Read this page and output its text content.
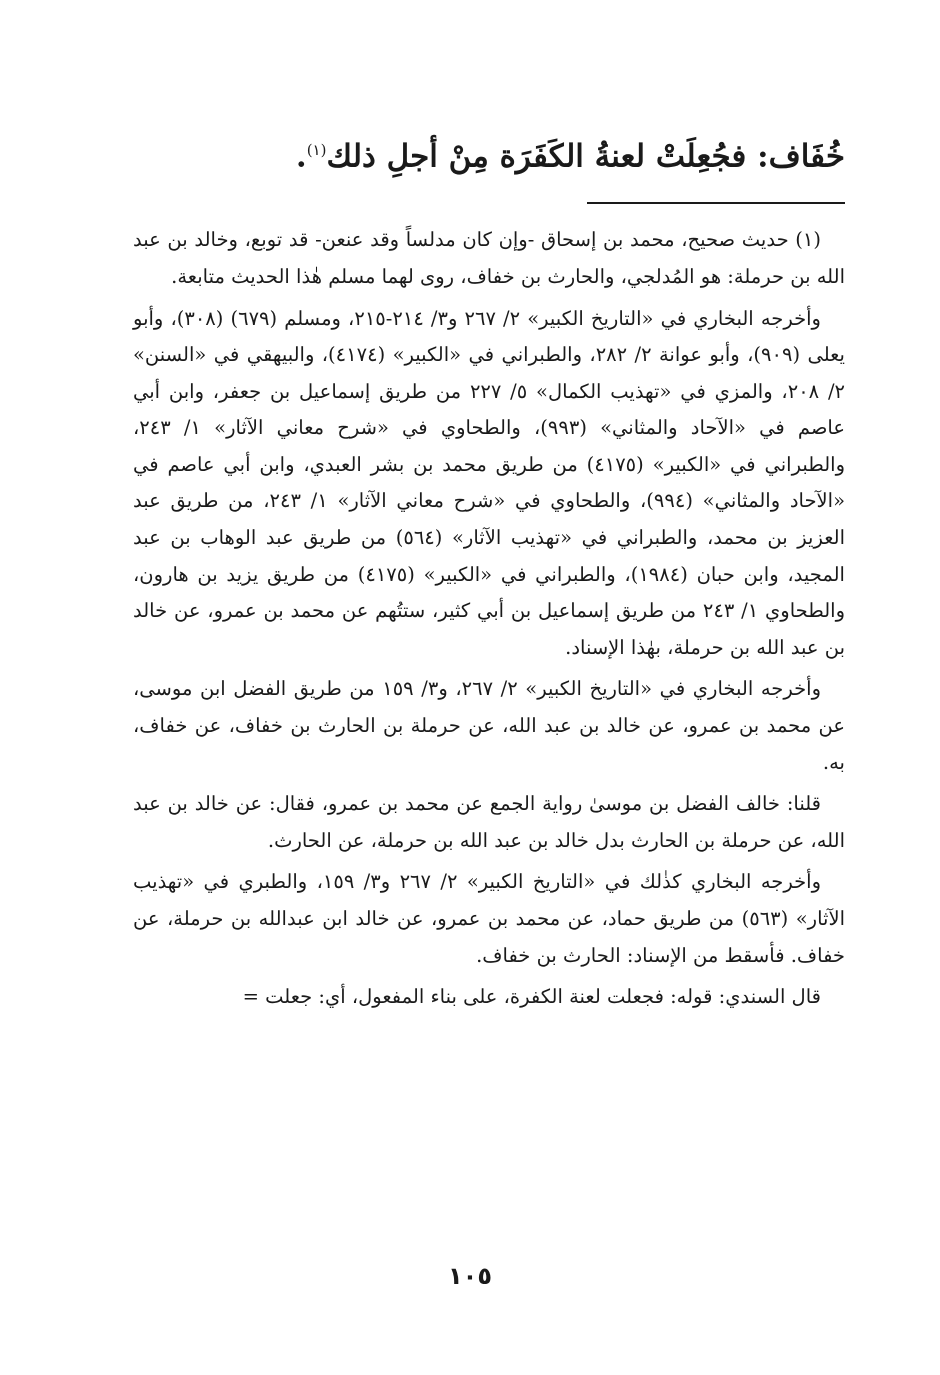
خُفَاف: فجُعِلَتْ لعنةُ الكَفَرَة مِنْ أجلِ ذلك$^{(١)}$.

(١) حديث صحيح، محمد بن إسحاق -وإن كان مدلساً وقد عنعن- قد توبع، وخالد بن عبد الله بن حرملة: هو المُدلجي، والحارث بن خفاف، روى لهما مسلم هٰذا الحديث متابعة.

وأخرجه البخاري في «التاريخ الكبير» ٢/ ٢٦٧ و٣/ ٢١٤-٢١٥، ومسلم (٦٧٩) (٣٠٨)، وأبو يعلى (٩٠٩)، وأبو عوانة ٢/ ٢٨٢، والطبراني في «الكبير» (٤١٧٤)، والبيهقي في «السنن» ٢/ ٢٠٨، والمزي في «تهذيب الكمال» ٥/ ٢٢٧ من طريق إسماعيل بن جعفر، وابن أبي عاصم في «الآحاد والمثاني» (٩٩٣)، والطحاوي في «شرح معاني الآثار» ١/ ٢٤٣، والطبراني في «الكبير» (٤١٧٥) من طريق محمد بن بشر العبدي، وابن أبي عاصم في «الآحاد والمثاني» (٩٩٤)، والطحاوي في «شرح معاني الآثار» ١/ ٢٤٣، من طريق عبد العزيز بن محمد، والطبراني في «تهذيب الآثار» (٥٦٤) من طريق عبد الوهاب بن عبد المجيد، وابن حبان (١٩٨٤)، والطبراني في «الكبير» (٤١٧٥) من طريق يزيد بن هارون، والطحاوي ١/ ٢٤٣ من طريق إسماعيل بن أبي كثير، ستتُهم عن محمد بن عمرو، عن خالد بن عبد الله بن حرملة، بهٰذا الإسناد.

وأخرجه البخاري في «التاريخ الكبير» ٢/ ٢٦٧، و٣/ ١٥٩ من طريق الفضل ابن موسى، عن محمد بن عمرو، عن خالد بن عبد الله، عن حرملة بن الحارث بن خفاف، عن خفاف، به.

قلنا: خالف الفضل بن موسىٰ رواية الجمع عن محمد بن عمرو، فقال: عن خالد بن عبد الله، عن حرملة بن الحارث بدل خالد بن عبد الله بن حرملة، عن الحارث.

وأخرجه البخاري كذٰلك في «التاريخ الكبير» ٢/ ٢٦٧ و٣/ ١٥٩، والطبري في «تهذيب الآثار» (٥٦٣) من طريق حماد، عن محمد بن عمرو، عن خالد ابن عبدالله بن حرملة، عن خفاف. فأسقط من الإسناد: الحارث بن خفاف.

قال السندي: قوله: فجعلت لعنة الكفرة، على بناء المفعول، أي: جعلت =

١٠٥
